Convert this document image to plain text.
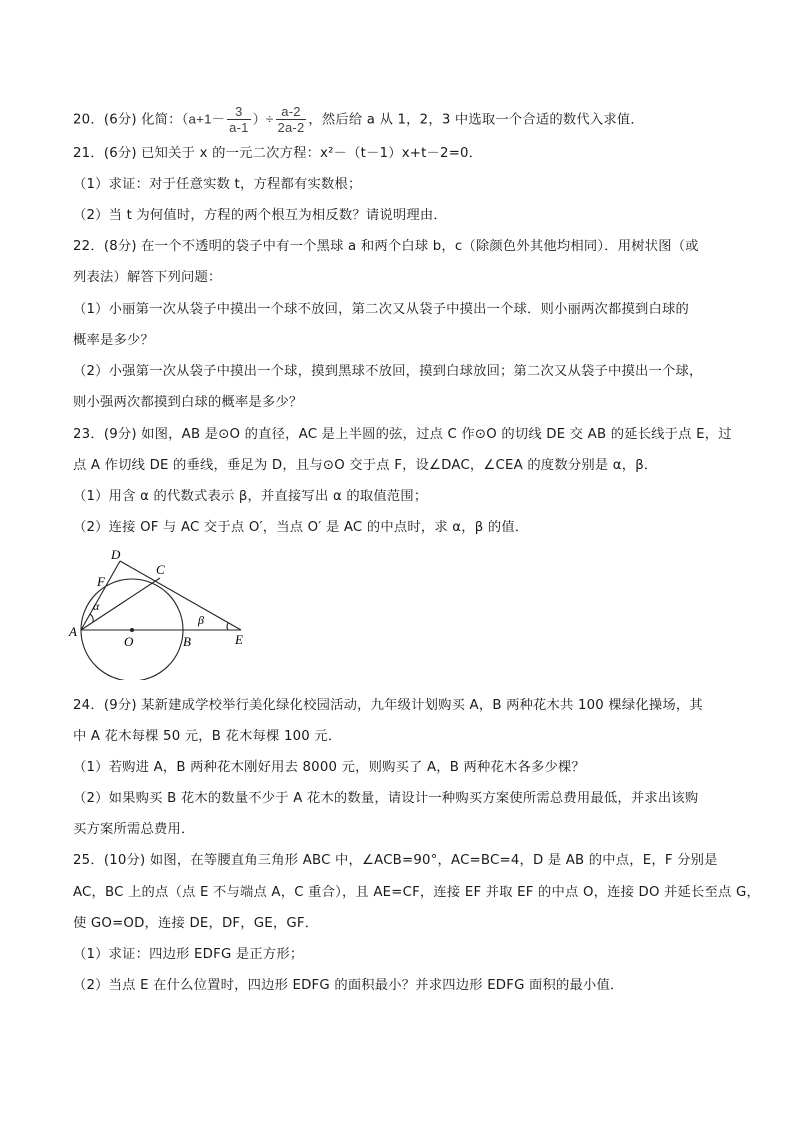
20．(6分) 化简：（$a+1- \frac{3}{a-1}$ ）÷ $\frac{a-2}{2a-2}$ ，然后给 a 从 1，2，3 中选取一个合适的数代入求值．
21．(6分) 已知关于 x 的一元二次方程：x²－（t－1）x+t－2=0．
（1）求证：对于任意实数 t，方程都有实数根；
（2）当 t 为何值时，方程的两个根互为相反数？请说明理由．
22．(8分) 在一个不透明的袋子中有一个黑球 a 和两个白球 b，c（除颜色外其他均相同）．用树状图（或
列表法）解答下列问题：
（1）小丽第一次从袋子中摸出一个球不放回，第二次又从袋子中摸出一个球．则小丽两次都摸到白球的
概率是多少？
（2）小强第一次从袋子中摸出一个球，摸到黑球不放回，摸到白球放回；第二次又从袋子中摸出一个球，
则小强两次都摸到白球的概率是多少？
23．(9分) 如图，AB 是⊙O 的直径，AC 是上半圆的弦，过点 C 作⊙O 的切线 DE 交 AB 的延长线于点 E，过
点 A 作切线 DE 的垂线，垂足为 D，且与⊙O 交于点 F，设∠DAC，∠CEA 的度数分别是 α，β．
（1）用含 α 的代数式表示 β，并直接写出 α 的取值范围；
（2）连接 OF 与 AC 交于点 O′，当点 O′ 是 AC 的中点时，求 α，β 的值．
D
F
C
α
β
A
O	B	E
24．(9分) 某新建成学校举行美化绿化校园活动，九年级计划购买 A，B 两种花木共 100 棵绿化操场，其
中 A 花木每棵 50 元，B 花木每棵 100 元．
（1）若购进 A，B 两种花木刚好用去 8000 元，则购买了 A，B 两种花木各多少棵？
（2）如果购买 B 花木的数量不少于 A 花木的数量，请设计一种购买方案使所需总费用最低，并求出该购
买方案所需总费用．
25．(10分) 如图，在等腰直角三角形 ABC 中，∠ACB=90°，AC=BC=4，D 是 AB 的中点，E，F 分别是
AC，BC 上的点（点 E 不与端点 A，C 重合），且 AE=CF，连接 EF 并取 EF 的中点 O，连接 DO 并延长至点 G，
使 GO=OD，连接 DE，DF，GE，GF．
（1）求证：四边形 EDFG 是正方形；
（2）当点 E 在什么位置时，四边形 EDFG 的面积最小？并求四边形 EDFG 面积的最小值．
